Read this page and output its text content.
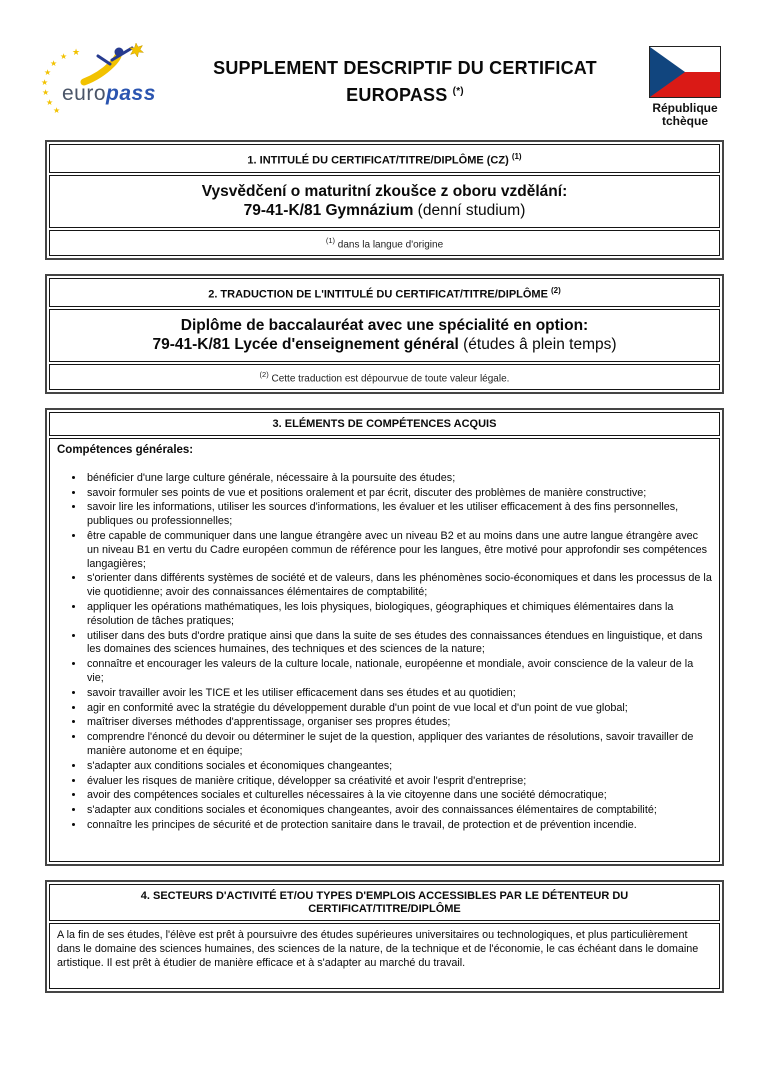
★
★
★
★
★
★
★
★
europass
SUPPLEMENT DESCRIPTIF DU CERTIFICAT
EUROPASS (*)
République
tchèque
1. INTITULÉ DU CERTIFICAT/TITRE/DIPLÔME (CZ) $^{(1)}$
Vysvědčení o maturitní zkoušce z oboru vzdělání:
79-41-K/81 Gymnázium (denní studium)
$^{(1)}$ dans la langue d'origine
2. TRADUCTION DE L'INTITULÉ DU CERTIFICAT/TITRE/DIPLÔME $^{(2)}$
Diplôme de baccalauréat avec une spécialité en option:
79-41-K/81 Lycée d'enseignement général (études â plein temps)
$^{(2)}$ Cette traduction est dépourvue de toute valeur légale.
3. ELÉMENTS DE COMPÉTENCES ACQUIS
Compétences générales:
• bénéficier d'une large culture générale, nécessaire à la poursuite des études;
• savoir formuler ses points de vue et positions oralement et par écrit, discuter des problèmes de manière constructive;
• savoir lire les informations, utiliser les sources d'informations, les évaluer et les utiliser efficacement à des fins personnelles, publiques ou professionnelles;
• être capable de communiquer dans une langue étrangère avec un niveau B2 et au moins dans une autre langue étrangère avec un niveau B1 en vertu du Cadre européen commun de référence pour les langues, être motivé pour approfondir ses compétences langagières;
• s'orienter dans différents systèmes de société et de valeurs, dans les phénomènes socio-économiques et dans les processus de la vie quotidienne; avoir des connaissances élémentaires de comptabilité;
• appliquer les opérations mathématiques, les lois physiques, biologiques, géographiques et chimiques élémentaires dans la résolution de tâches pratiques;
• utiliser dans des buts d'ordre pratique ainsi que dans la suite de ses études des connaissances étendues en linguistique, et dans les domaines des sciences humaines, des techniques et des sciences de la nature;
• connaître et encourager les valeurs de la culture locale, nationale, européenne et mondiale, avoir conscience de la valeur de la vie;
• savoir travailler avoir les TICE et les utiliser efficacement dans ses études et au quotidien;
• agir en conformité avec la stratégie du développement durable d'un point de vue local et d'un point de vue global;
• maîtriser diverses méthodes d'apprentissage, organiser ses propres études;
• comprendre l'énoncé du devoir ou déterminer le sujet de la question, appliquer des variantes de résolutions, savoir travailler de manière autonome et en équipe;
• s'adapter aux conditions sociales et économiques changeantes;
• évaluer les risques de manière critique, développer sa créativité et avoir l'esprit d'entreprise;
• avoir des compétences sociales et culturelles nécessaires à la vie citoyenne dans une société démocratique;
• s'adapter aux conditions sociales et économiques changeantes, avoir des connaissances élémentaires de comptabilité;
• connaître les principes de sécurité et de protection sanitaire dans le travail, de protection et de prévention incendie.
4. SECTEURS D'ACTIVITÉ ET/OU TYPES D'EMPLOIS ACCESSIBLES PAR LE DÉTENTEUR DU CERTIFICAT/TITRE/DIPLÔME
A la fin de ses études, l'élève est prêt à poursuivre des études supérieures universitaires ou technologiques, et plus particulièrement dans le domaine des sciences humaines, des sciences de la nature, de la technique et de l'économie, le cas échéant dans le domaine artistique. Il est prêt à étudier de manière efficace et à s'adapter au marché du travail.
